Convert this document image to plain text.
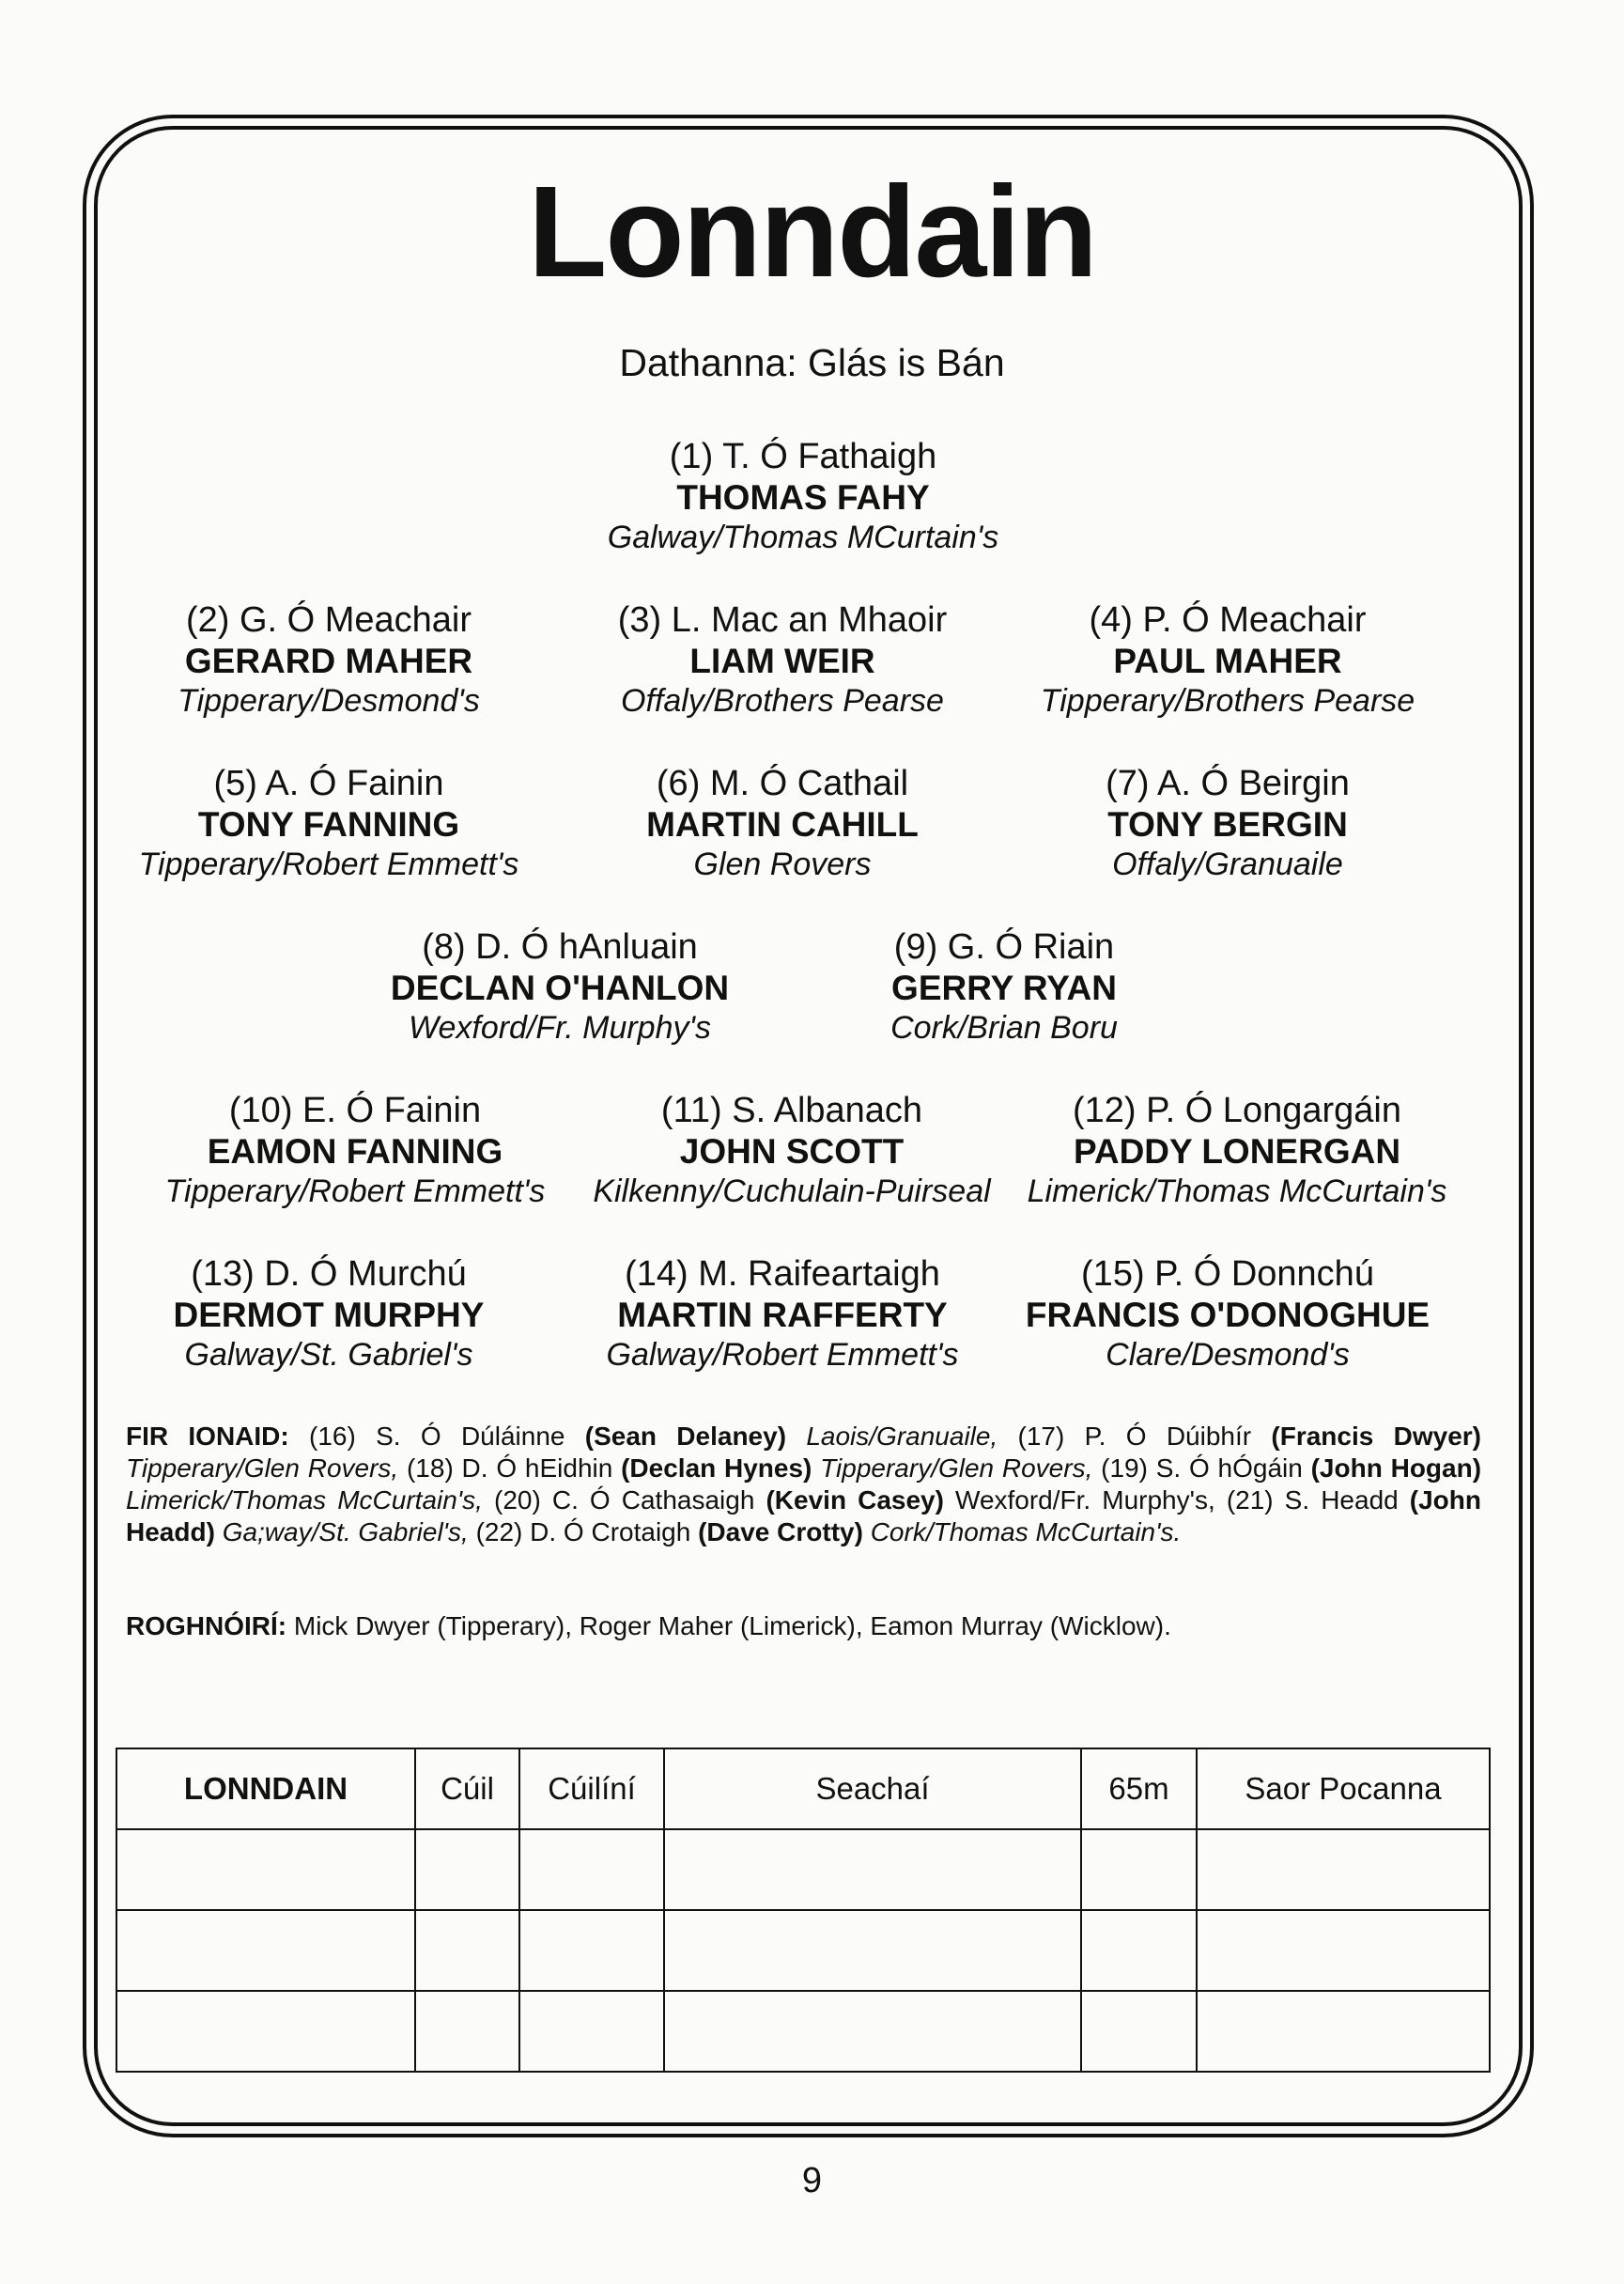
Lonndain
Dathanna: Glás is Bán
(1) T. Ó Fathaigh
THOMAS FAHY
Galway/Thomas MCurtain's
(2) G. Ó Meachair
GERARD MAHER
Tipperary/Desmond's
(3) L. Mac an Mhaoir
LIAM WEIR
Offaly/Brothers Pearse
(4) P. Ó Meachair
PAUL MAHER
Tipperary/Brothers Pearse
(5) A. Ó Fainin
TONY FANNING
Tipperary/Robert Emmett's
(6) M. Ó Cathail
MARTIN CAHILL
Glen Rovers
(7) A. Ó Beirgin
TONY BERGIN
Offaly/Granuaile
(8) D. Ó hAnluain
DECLAN O'HANLON
Wexford/Fr. Murphy's
(9) G. Ó Riain
GERRY RYAN
Cork/Brian Boru
(10) E. Ó Fainin
EAMON FANNING
Tipperary/Robert Emmett's
(11) S. Albanach
JOHN SCOTT
Kilkenny/Cuchulain-Puirseal
(12) P. Ó Longargáin
PADDY LONERGAN
Limerick/Thomas McCurtain's
(13) D. Ó Murchú
DERMOT MURPHY
Galway/St. Gabriel's
(14) M. Raifeartaigh
MARTIN RAFFERTY
Galway/Robert Emmett's
(15) P. Ó Donnchú
FRANCIS O'DONOGHUE
Clare/Desmond's
FIR IONAID: (16) S. Ó Dúláinne (Sean Delaney) Laois/Granuaile, (17) P. Ó Dúibhír (Francis Dwyer) Tipperary/Glen Rovers, (18) D. Ó hEidhin (Declan Hynes) Tipperary/Glen Rovers, (19) S. Ó hÓgáin (John Hogan) Limerick/Thomas McCurtain's, (20) C. Ó Cathasaigh (Kevin Casey) Wexford/Fr. Murphy's, (21) S. Headd (John Headd) Ga;way/St. Gabriel's, (22) D. Ó Crotaigh (Dave Crotty) Cork/Thomas McCurtain's.
ROGHNÓIRÍ: Mick Dwyer (Tipperary), Roger Maher (Limerick), Eamon Murray (Wicklow).
LONNDAIN	Cúil	Cúilíní	Seachaí	65m	Saor Pocanna

9
